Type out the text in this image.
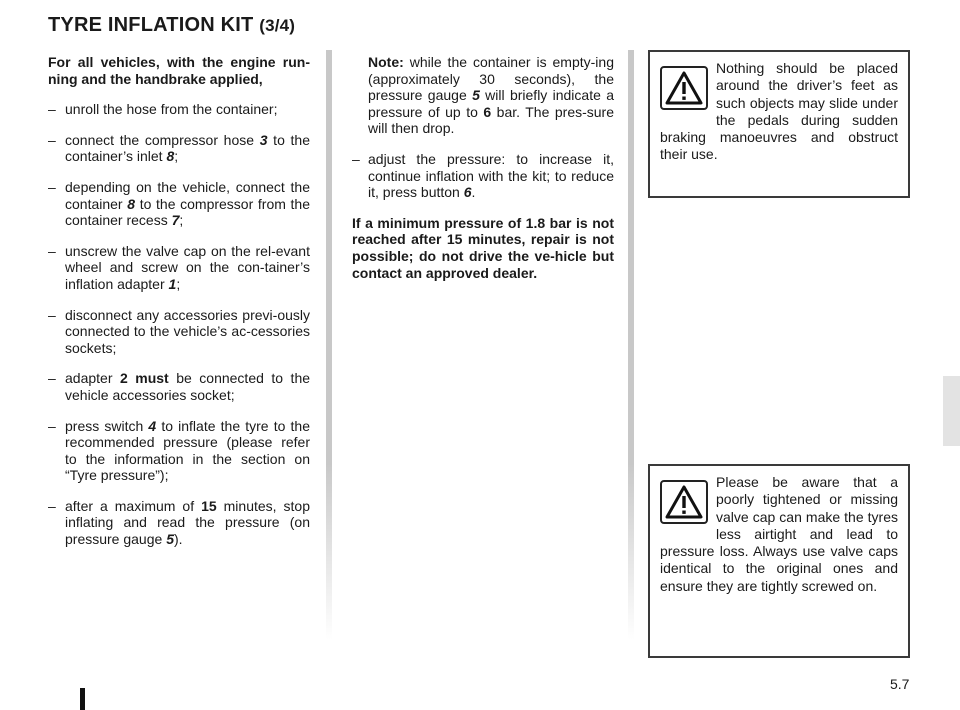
TYRE INFLATION KIT (3/4)

For all vehicles, with the engine run-ning and the handbrake applied,

– unroll the hose from the container;
– connect the compressor hose 3 to the container’s inlet 8;
– depending on the vehicle, connect the container 8 to the compressor from the container recess 7;
– unscrew the valve cap on the rel-evant wheel and screw on the con-tainer’s inflation adapter 1;
– disconnect any accessories previ-ously connected to the vehicle’s ac-cessories sockets;
– adapter 2 must be connected to the vehicle accessories socket;
– press switch 4 to inflate the tyre to the recommended pressure (please refer to the information in the section on “Tyre pressure”);
– after a maximum of 15 minutes, stop inflating and read the pressure (on pressure gauge 5).

Note: while the container is empty-ing (approximately 30 seconds), the pressure gauge 5 will briefly indicate a pressure of up to 6 bar. The pres-sure will then drop.

– adjust the pressure: to increase it, continue inflation with the kit; to reduce it, press button 6.

If a minimum pressure of 1.8 bar is not reached after 15 minutes, repair is not possible; do not drive the ve-hicle but contact an approved dealer.

Nothing should be placed around the driver’s feet as such objects may slide under the pedals during sudden braking manoeuvres and obstruct their use.
Please be aware that a poorly tightened or missing valve cap can make the tyres less airtight and lead to pressure loss. Always use valve caps identical to the original ones and ensure they are tightly screwed on.
5.7
